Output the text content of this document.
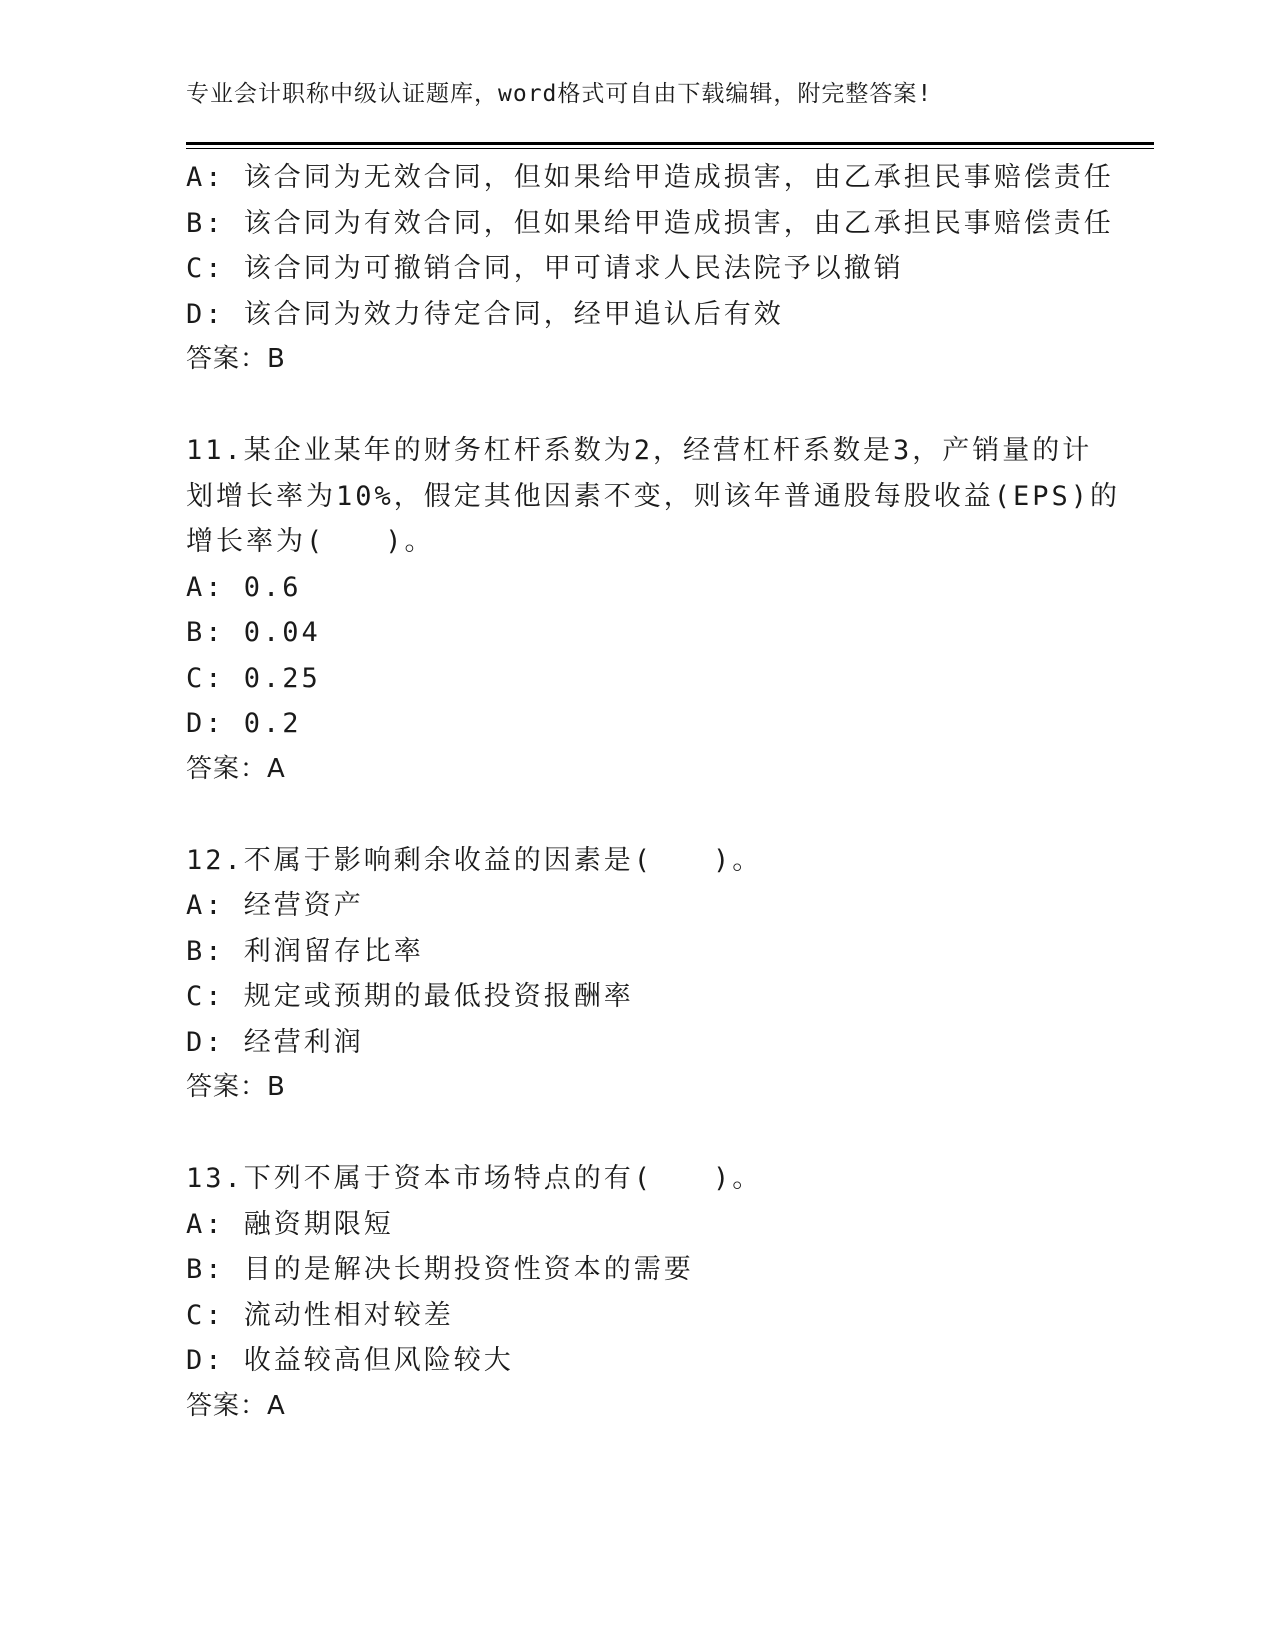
专业会计职称中级认证题库，word格式可自由下载编辑，附完整答案!
A: 该合同为无效合同，但如果给甲造成损害，由乙承担民事赔偿责任
B: 该合同为有效合同，但如果给甲造成损害，由乙承担民事赔偿责任
C: 该合同为可撤销合同，甲可请求人民法院予以撤销
D: 该合同为效力待定合同，经甲追认后有效
答案：B
11.某企业某年的财务杠杆系数为2，经营杠杆系数是3，产销量的计
划增长率为10%，假定其他因素不变，则该年普通股每股收益(EPS)的
增长率为(　　)。
A: 0.6
B: 0.04
C: 0.25
D: 0.2
答案：A
12.不属于影响剩余收益的因素是(　　)。
A: 经营资产
B: 利润留存比率
C: 规定或预期的最低投资报酬率
D: 经营利润
答案：B
13.下列不属于资本市场特点的有(　　)。
A: 融资期限短
B: 目的是解决长期投资性资本的需要
C: 流动性相对较差
D: 收益较高但风险较大
答案：A
